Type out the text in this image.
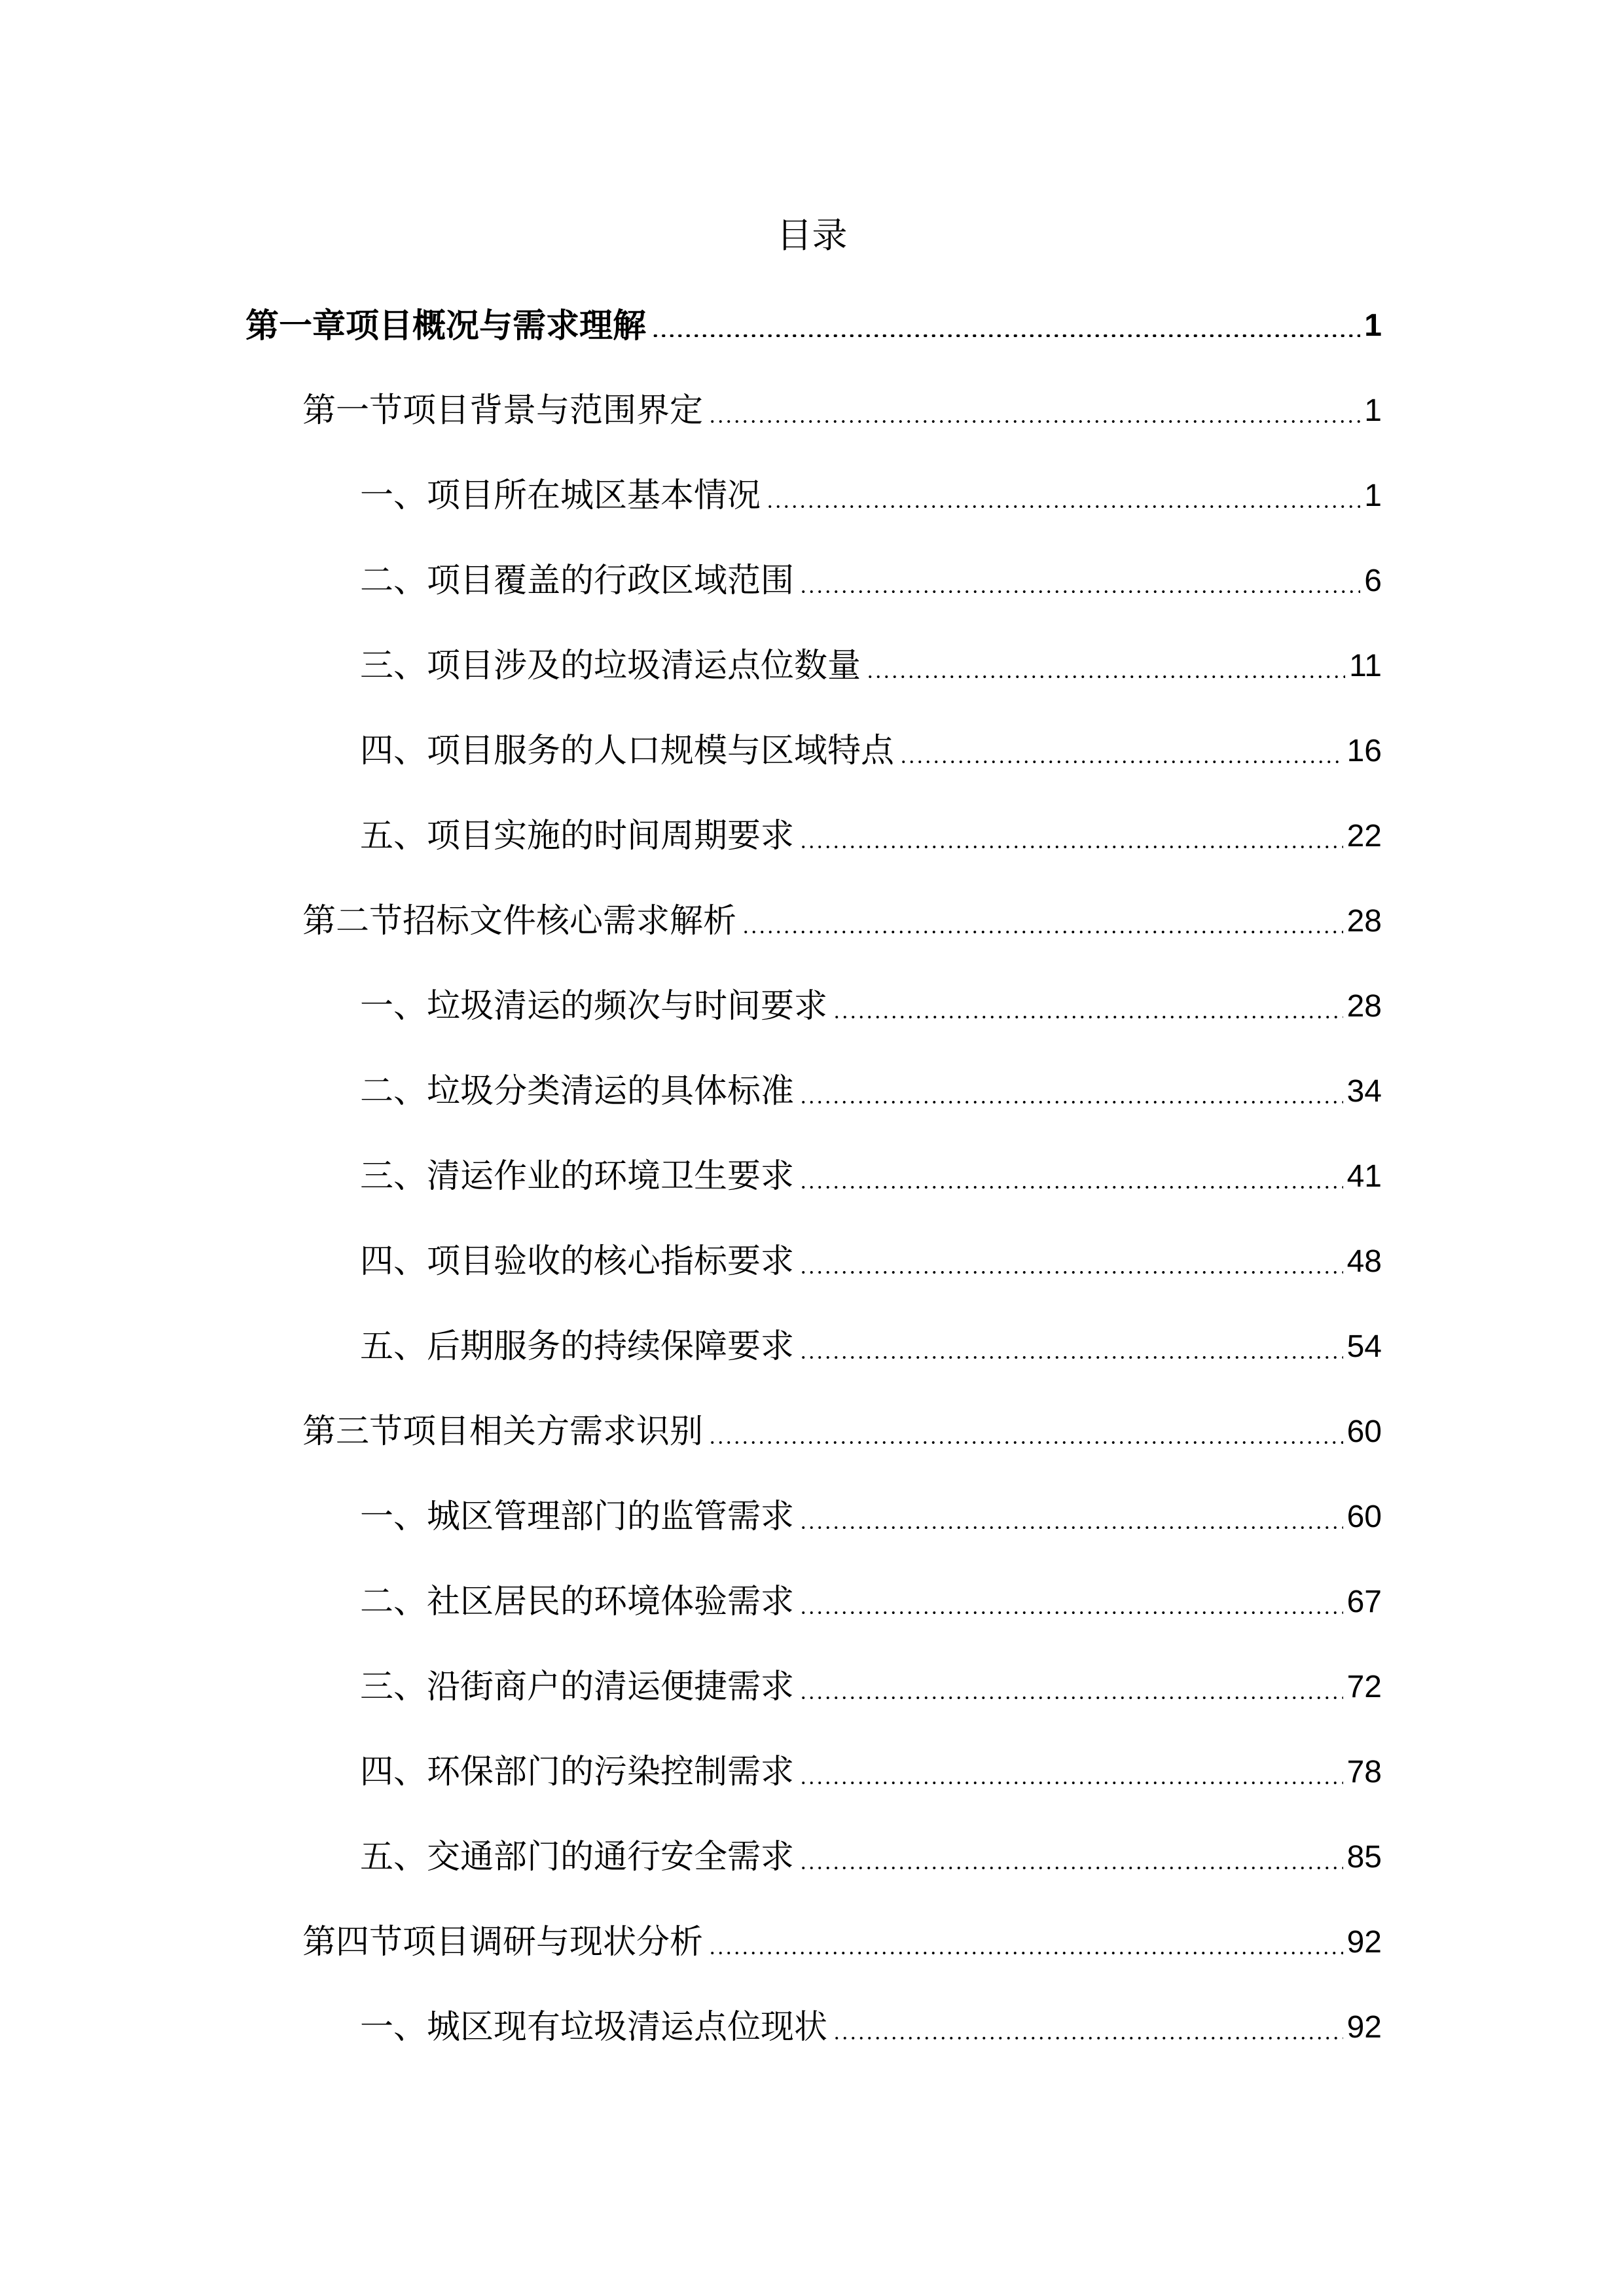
目录
第一章项目概况与需求理解	1
第一节项目背景与范围界定	1
一、项目所在城区基本情况	1
二、项目覆盖的行政区域范围	6
三、项目涉及的垃圾清运点位数量	11
四、项目服务的人口规模与区域特点	16
五、项目实施的时间周期要求	22
第二节招标文件核心需求解析	28
一、垃圾清运的频次与时间要求	28
二、垃圾分类清运的具体标准	34
三、清运作业的环境卫生要求	41
四、项目验收的核心指标要求	48
五、后期服务的持续保障要求	54
第三节项目相关方需求识别	60
一、城区管理部门的监管需求	60
二、社区居民的环境体验需求	67
三、沿街商户的清运便捷需求	72
四、环保部门的污染控制需求	78
五、交通部门的通行安全需求	85
第四节项目调研与现状分析	92
一、城区现有垃圾清运点位现状	92
